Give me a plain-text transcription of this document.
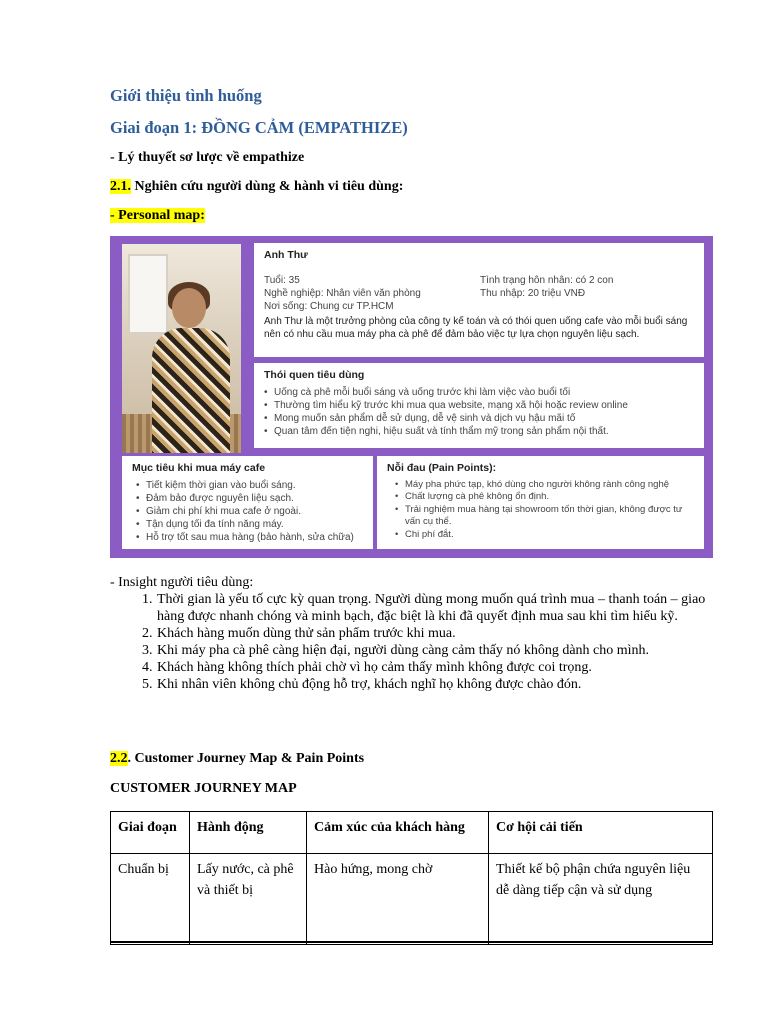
Giới thiệu tình huống
Giai đoạn 1: ĐỒNG CẢM (EMPATHIZE)
- Lý thuyết sơ lược về empathize
2.1. Nghiên cứu người dùng & hành vi tiêu dùng:
- Personal map:
Anh Thư
Tuổi: 35
Nghề nghiệp: Nhân viên văn phòng
Nơi sống: Chung cư TP.HCM
Tình trạng hôn nhân: có 2 con
Thu nhập: 20 triệu VNĐ
Anh Thư là một trưởng phòng của công ty kế toán và có thói quen uống cafe vào mỗi buổi sáng nên có nhu cầu mua máy pha cà phê để đảm bảo việc tự lựa chọn nguyên liệu sạch.
Thói quen tiêu dùng
• Uống cà phê mỗi buổi sáng và uống trước khi làm việc vào buổi tối
• Thường tìm hiểu kỹ trước khi mua qua website, mạng xã hội hoặc review online
• Mong muốn sản phẩm dễ sử dụng, dễ vệ sinh và dịch vụ hậu mãi tố
• Quan tâm đến tiện nghi, hiệu suất và tính thẩm mỹ trong sản phẩm nội thất.
Mục tiêu khi mua máy cafe
• Tiết kiệm thời gian vào buổi sáng.
• Đảm bảo được nguyên liệu sạch.
• Giảm chi phí khi mua cafe ở ngoài.
• Tận dụng tối đa tính năng máy.
• Hỗ trợ tốt sau mua hàng (bảo hành, sửa chữa)
Nỗi đau (Pain Points):
• Máy pha phức tạp, khó dùng cho người không rành công nghệ
• Chất lượng cà phê không ổn định.
• Trải nghiệm mua hàng tại showroom tốn thời gian, không được tư vấn cụ thể.
• Chi phí đắt.
- Insight người tiêu dùng:
1. Thời gian là yếu tố cực kỳ quan trọng. Người dùng mong muốn quá trình mua – thanh toán – giao hàng được nhanh chóng và minh bạch, đặc biệt là khi đã quyết định mua sau khi tìm hiểu kỹ.
2. Khách hàng muốn dùng thử sản phẩm trước khi mua.
3. Khi máy pha cà phê càng hiện đại, người dùng càng cảm thấy nó không dành cho mình.
4. Khách hàng không thích phải chờ vì họ cảm thấy mình không được coi trọng.
5. Khi nhân viên không chủ động hỗ trợ, khách nghĩ họ không được chào đón.
2.2. Customer Journey Map & Pain Points
CUSTOMER JOURNEY MAP
Giai đoạn	Hành động	Cảm xúc của khách hàng	Cơ hội cải tiến
Chuẩn bị	Lấy nước, cà phê và thiết bị	Hào hứng, mong chờ	Thiết kế bộ phận chứa nguyên liệu dễ dàng tiếp cận và sử dụng
